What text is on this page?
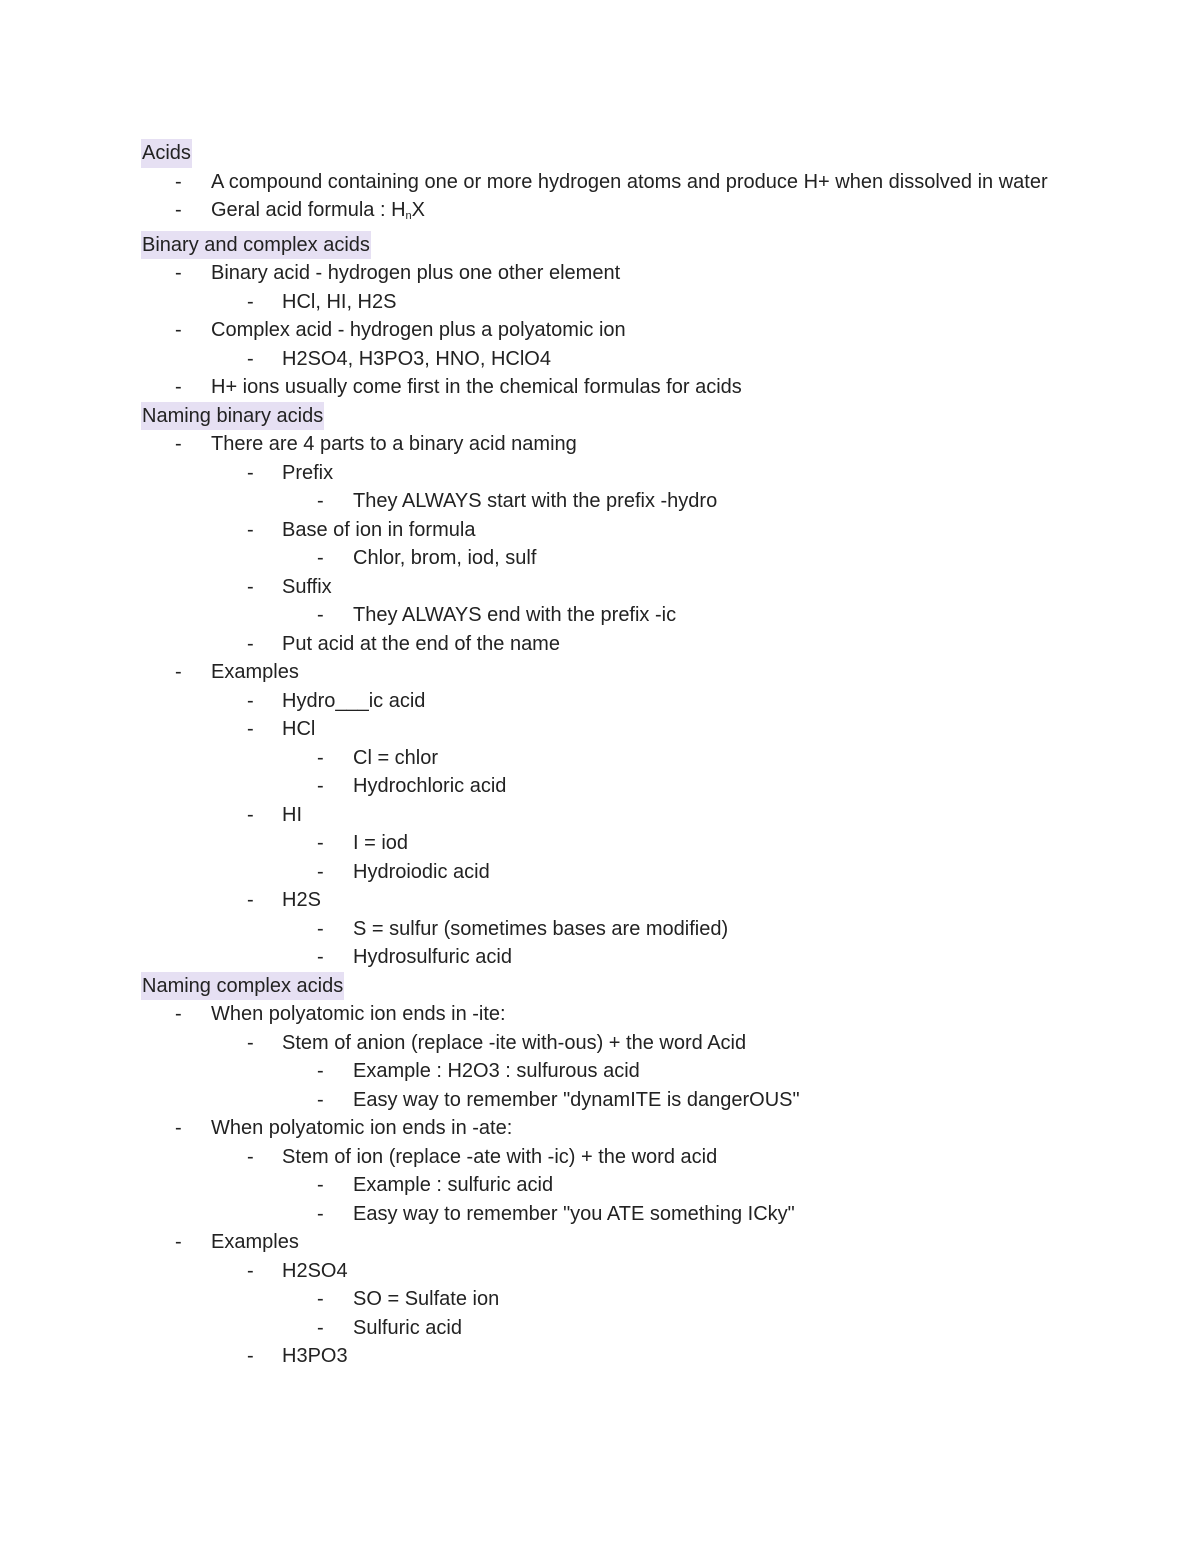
Acids
- A compound containing one or more hydrogen atoms and produce H+ when dissolved in water
- Geral acid formula : $H_nX$
Binary and complex acids
- Binary acid - hydrogen plus one other element
- HCl, HI, H2S
- Complex acid - hydrogen plus a polyatomic ion
- H2SO4, H3PO3, HNO, HClO4
- H+ ions usually come first in the chemical formulas for acids
Naming binary acids
- There are 4 parts to a binary acid naming
- Prefix
- They ALWAYS start with the prefix -hydro
- Base of ion in formula
- Chlor, brom, iod, sulf
- Suffix
- They ALWAYS end with the prefix -ic
- Put acid at the end of the name
- Examples
- Hydro___ic acid
- HCl
- Cl = chlor
- Hydrochloric acid
- HI
- I = iod
- Hydroiodic acid
- H2S
- S = sulfur (sometimes bases are modified)
- Hydrosulfuric acid
Naming complex acids
- When polyatomic ion ends in -ite:
- Stem of anion (replace -ite with-ous) + the word Acid
- Example : H2O3 : sulfurous acid
- Easy way to remember "dynamITE is dangerOUS"
- When polyatomic ion ends in -ate:
- Stem of ion (replace -ate with -ic) + the word acid
- Example : sulfuric acid
- Easy way to remember "you ATE something ICky"
- Examples
- H2SO4
- SO = Sulfate ion
- Sulfuric acid
- H3PO3
